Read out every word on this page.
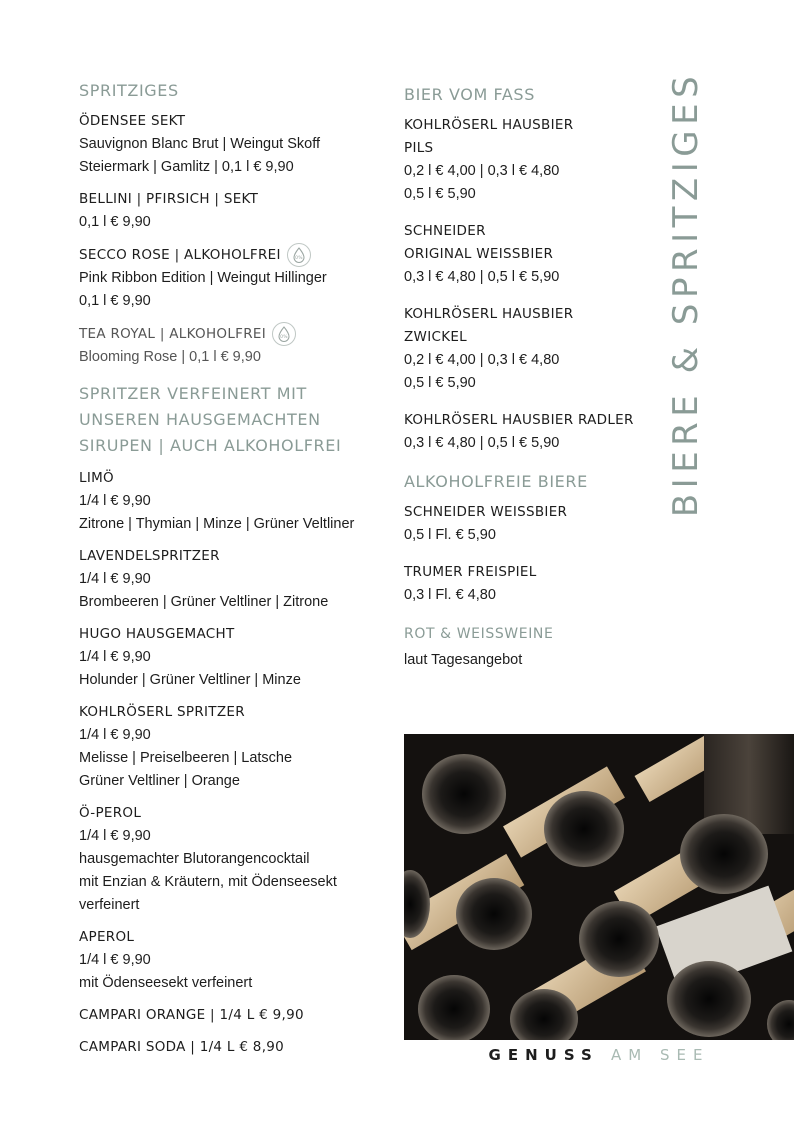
SPRITZIGES
ÖDENSEE SEKT
Sauvignon Blanc Brut | Weingut Skoff
Steiermark | Gamlitz | 0,1 l € 9,90
BELLINI | PFIRSICH | SEKT
0,1 l € 9,90
SECCO ROSE | ALKOHOLFREI	0%
Pink Ribbon Edition | Weingut Hillinger
0,1 l € 9,90
TEA ROYAL | ALKOHOLFREI	0%
Blooming Rose | 0,1 l € 9,90
SPRITZER VERFEINERT MIT
UNSEREN HAUSGEMACHTEN
SIRUPEN | AUCH ALKOHOLFREI
LIMÖ
1/4 l € 9,90
Zitrone | Thymian | Minze | Grüner Veltliner
LAVENDELSPRITZER
1/4 l € 9,90
Brombeeren | Grüner Veltliner | Zitrone
HUGO HAUSGEMACHT
1/4 l € 9,90
Holunder | Grüner Veltliner | Minze
KOHLRÖSERL SPRITZER
1/4 l € 9,90
Melisse | Preiselbeeren | Latsche
Grüner Veltliner | Orange
Ö-PEROL
1/4 l € 9,90
hausgemachter Blutorangencocktail
mit Enzian & Kräutern, mit Ödenseesekt
verfeinert
APEROL
1/4 l € 9,90
mit Ödenseesekt verfeinert
CAMPARI ORANGE | 1/4 L € 9,90
CAMPARI SODA | 1/4 L € 8,90
BIER VOM FASS
KOHLRÖSERL HAUSBIER
PILS
0,2 l € 4,00 | 0,3 l € 4,80
0,5 l € 5,90
SCHNEIDER
ORIGINAL WEISSBIER
0,3 l € 4,80 | 0,5 l € 5,90
KOHLRÖSERL HAUSBIER
ZWICKEL
0,2 l € 4,00 | 0,3 l € 4,80
0,5 l € 5,90
KOHLRÖSERL HAUSBIER RADLER
0,3 l € 4,80 | 0,5 l € 5,90
ALKOHOLFREIE BIERE
SCHNEIDER WEISSBIER
0,5 l Fl. € 5,90
TRUMER FREISPIEL
0,3 l Fl. € 4,80
ROT & WEISSWEINE
laut Tagesangebot
BIERE & SPRITZIGES
GENUSS AM SEE
